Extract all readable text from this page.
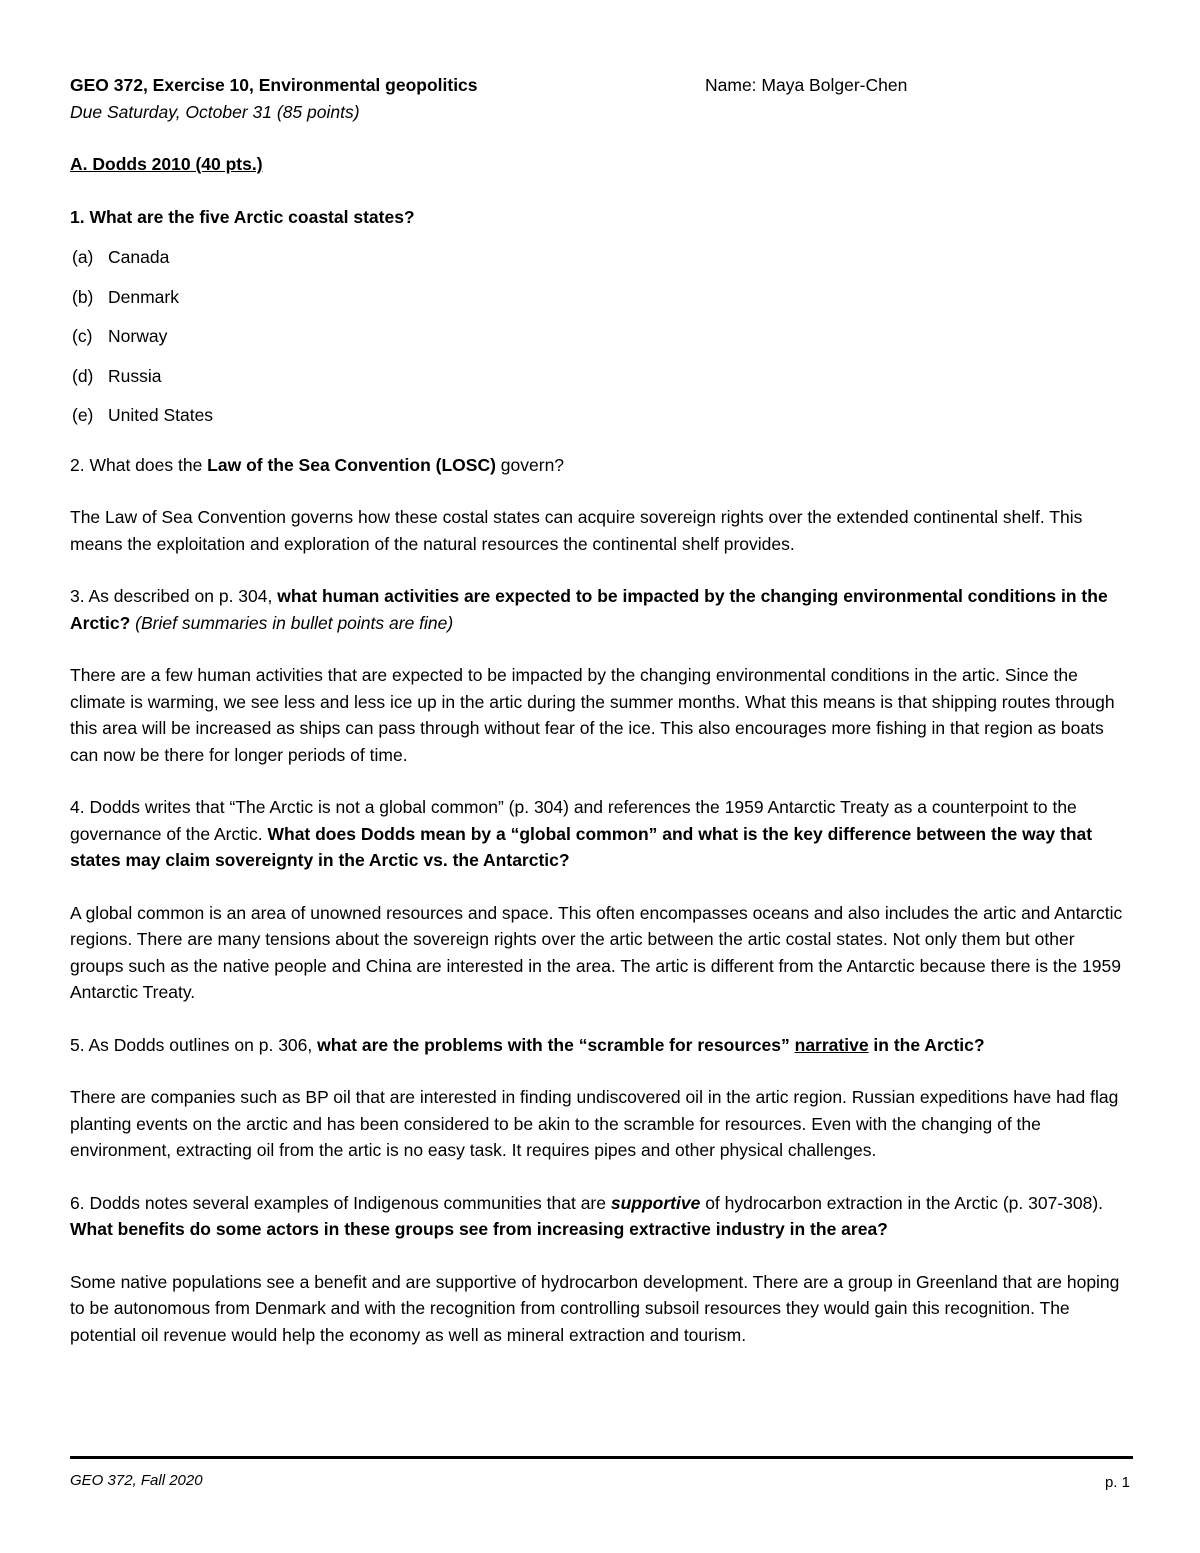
GEO 372, Exercise 10, Environmental geopolitics	Name: Maya Bolger-Chen
Due Saturday, October 31 (85 points)
A. Dodds 2010 (40 pts.)
1. What are the five Arctic coastal states?
(a) Canada
(b) Denmark
(c) Norway
(d) Russia
(e) United States
2. What does the Law of the Sea Convention (LOSC) govern?
The Law of Sea Convention governs how these costal states can acquire sovereign rights over the extended continental shelf. This means the exploitation and exploration of the natural resources the continental shelf provides.
3. As described on p. 304, what human activities are expected to be impacted by the changing environmental conditions in the Arctic? (Brief summaries in bullet points are fine)
There are a few human activities that are expected to be impacted by the changing environmental conditions in the artic. Since the climate is warming, we see less and less ice up in the artic during the summer months. What this means is that shipping routes through this area will be increased as ships can pass through without fear of the ice. This also encourages more fishing in that region as boats can now be there for longer periods of time.
4. Dodds writes that “The Arctic is not a global common” (p. 304) and references the 1959 Antarctic Treaty as a counterpoint to the governance of the Arctic. What does Dodds mean by a “global common” and what is the key difference between the way that states may claim sovereignty in the Arctic vs. the Antarctic?
A global common is an area of unowned resources and space. This often encompasses oceans and also includes the artic and Antarctic regions. There are many tensions about the sovereign rights over the artic between the artic costal states. Not only them but other groups such as the native people and China are interested in the area. The artic is different from the Antarctic because there is the 1959 Antarctic Treaty.
5. As Dodds outlines on p. 306, what are the problems with the “scramble for resources” narrative in the Arctic?
There are companies such as BP oil that are interested in finding undiscovered oil in the artic region. Russian expeditions have had flag planting events on the arctic and has been considered to be akin to the scramble for resources. Even with the changing of the environment, extracting oil from the artic is no easy task. It requires pipes and other physical challenges.
6. Dodds notes several examples of Indigenous communities that are supportive of hydrocarbon extraction in the Arctic (p. 307-308). What benefits do some actors in these groups see from increasing extractive industry in the area?
Some native populations see a benefit and are supportive of hydrocarbon development. There are a group in Greenland that are hoping to be autonomous from Denmark and with the recognition from controlling subsoil resources they would gain this recognition. The potential oil revenue would help the economy as well as mineral extraction and tourism.
GEO 372, Fall 2020	p. 1
